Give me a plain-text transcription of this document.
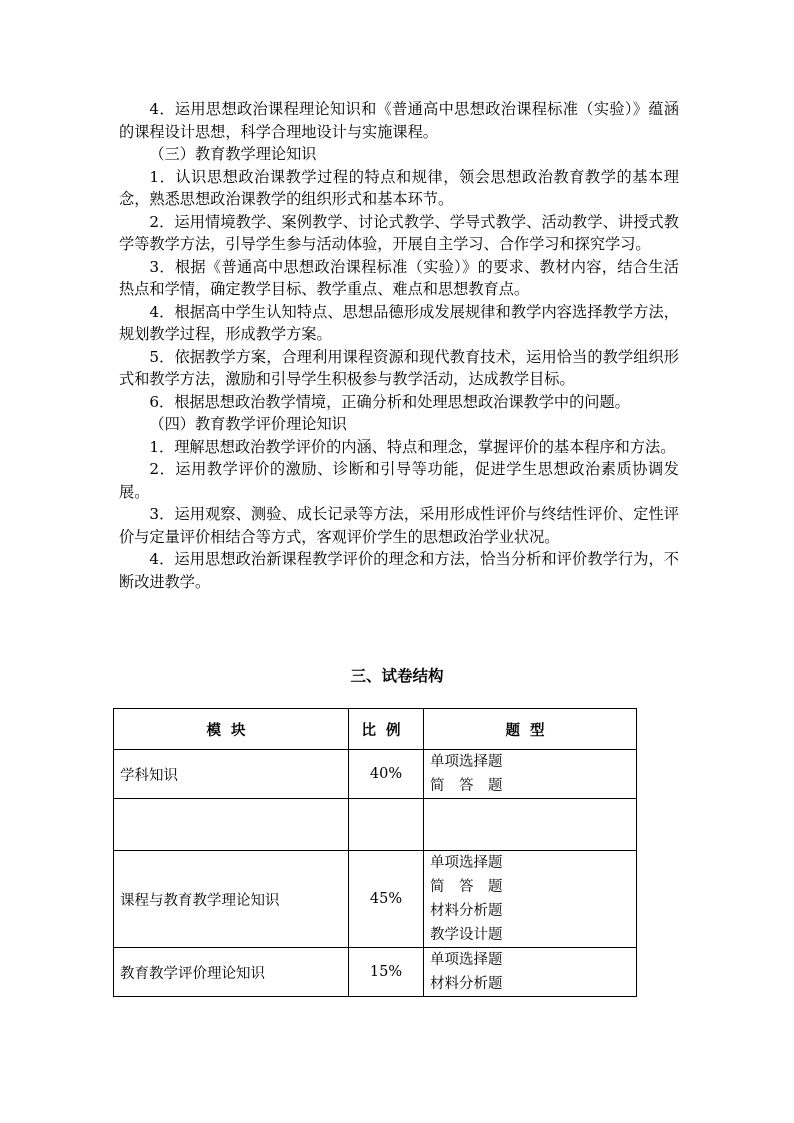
4．运用思想政治课程理论知识和《普通高中思想政治课程标准（实验）》蕴涵的课程设计思想，科学合理地设计与实施课程。

（三）教育教学理论知识

1．认识思想政治课教学过程的特点和规律，领会思想政治教育教学的基本理念，熟悉思想政治课教学的组织形式和基本环节。

2．运用情境教学、案例教学、讨论式教学、学导式教学、活动教学、讲授式教学等教学方法，引导学生参与活动体验，开展自主学习、合作学习和探究学习。

3．根据《普通高中思想政治课程标准（实验）》的要求、教材内容，结合生活热点和学情，确定教学目标、教学重点、难点和思想教育点。

4．根据高中学生认知特点、思想品德形成发展规律和教学内容选择教学方法，规划教学过程，形成教学方案。

5．依据教学方案，合理利用课程资源和现代教育技术，运用恰当的教学组织形式和教学方法，激励和引导学生积极参与教学活动，达成教学目标。

6．根据思想政治教学情境，正确分析和处理思想政治课教学中的问题。

（四）教育教学评价理论知识

1．理解思想政治教学评价的内涵、特点和理念，掌握评价的基本程序和方法。

2．运用教学评价的激励、诊断和引导等功能，促进学生思想政治素质协调发展。

3．运用观察、测验、成长记录等方法，采用形成性评价与终结性评价、定性评价与定量评价相结合等方式，客观评价学生的思想政治学业状况。

4．运用思想政治新课程教学评价的理念和方法，恰当分析和评价教学行为，不断改进教学。

三、试卷结构
模块	比例	题型
学科知识	40%	单项选择题
简　答　题

课程与教育教学理论知识	45%	单项选择题
简　答　题
材料分析题
教学设计题

教育教学评价理论知识	15%	单项选择题
材料分析题
